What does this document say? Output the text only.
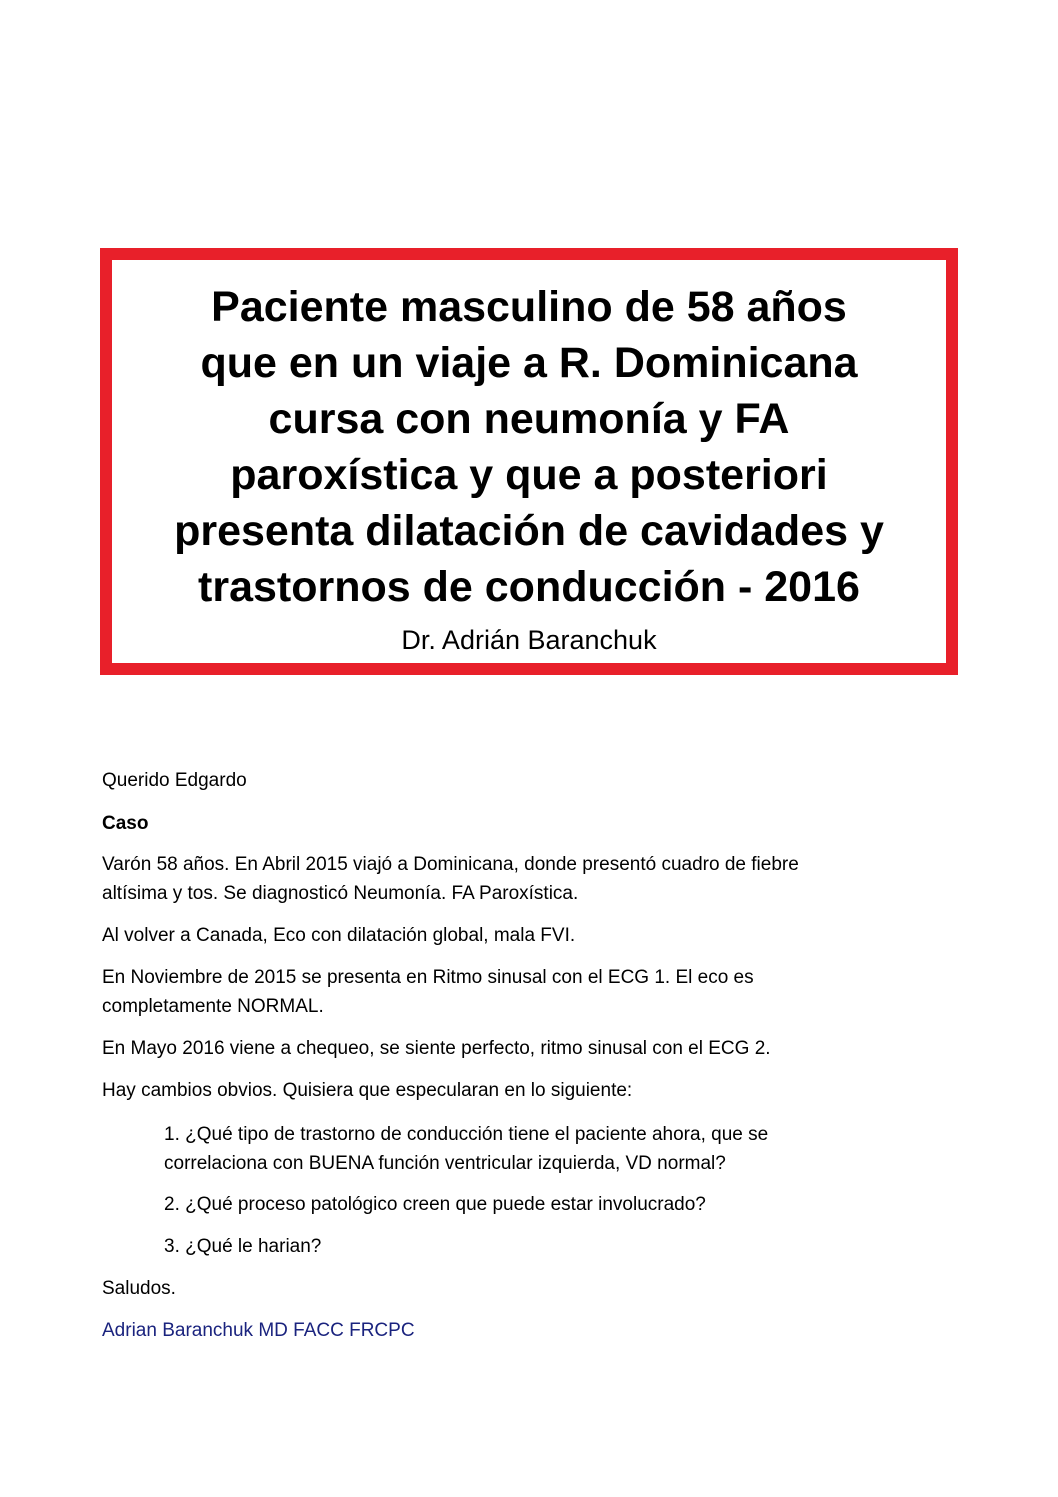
Paciente masculino de 58 años
que en un viaje a R. Dominicana
cursa con neumonía y FA
paroxística y que a posteriori
presenta dilatación de cavidades y
trastornos de conducción - 2016
Dr. Adrián Baranchuk
Querido Edgardo
Caso
Varón 58 años. En Abril 2015 viajó a Dominicana, donde presentó cuadro de fiebre
altísima y tos. Se diagnosticó Neumonía. FA Paroxística.
Al volver a Canada, Eco con dilatación global, mala FVI.
En Noviembre de 2015 se presenta en Ritmo sinusal con el ECG 1. El eco es
completamente NORMAL.
En Mayo 2016 viene a chequeo, se siente perfecto, ritmo sinusal con el ECG 2.
Hay cambios obvios. Quisiera que especularan en lo siguiente:
1. ¿Qué tipo de trastorno de conducción tiene el paciente ahora, que se
correlaciona con BUENA función ventricular izquierda, VD normal?
2. ¿Qué proceso patológico creen que puede estar involucrado?
3. ¿Qué le harian?
Saludos.
Adrian Baranchuk MD FACC FRCPC
